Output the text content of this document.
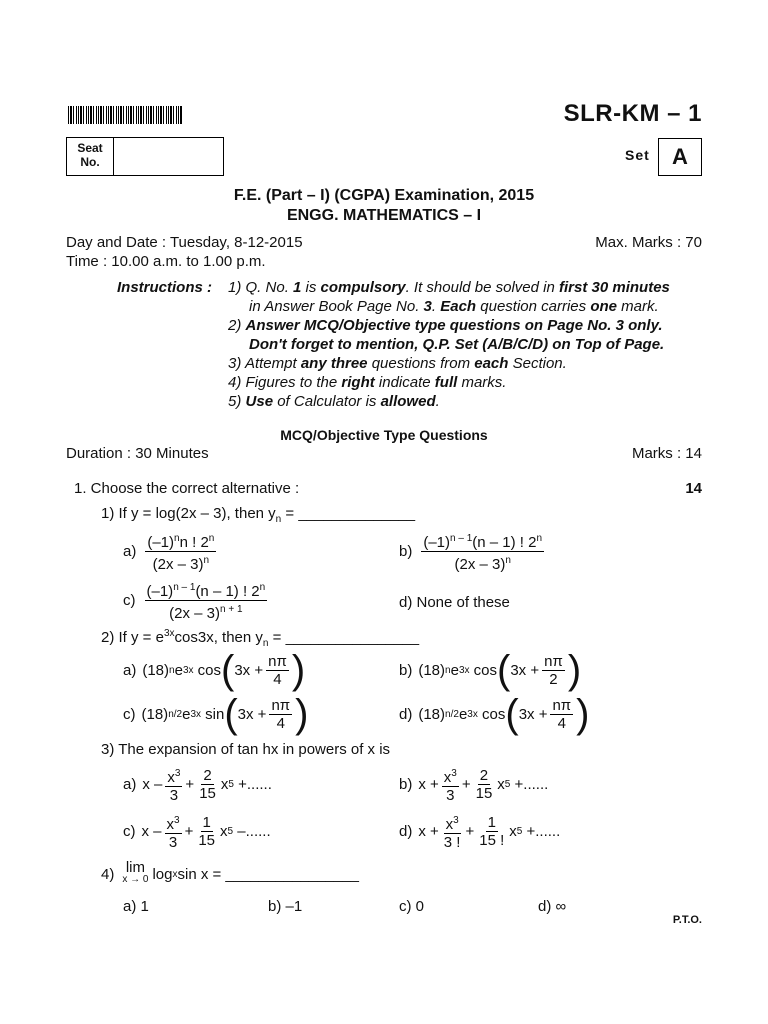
SLR-KM – 1
Seat
No.	Set	A
F.E. (Part – I) (CGPA) Examination, 2015
ENGG. MATHEMATICS – I
Day and Date : Tuesday, 8-12-2015	Max. Marks : 70
Time : 10.00 a.m. to 1.00 p.m.
Instructions : 1) Q. No. 1 is compulsory. It should be solved in first 30 minutes
in Answer Book Page No. 3. Each question carries one mark.
2) Answer MCQ/Objective type questions on Page No. 3 only.
Don't forget to mention, Q.P. Set (A/B/C/D) on Top of Page.
3) Attempt any three questions from each Section.
4) Figures to the right indicate full marks.
5) Use of Calculator is allowed.
MCQ/Objective Type Questions
Duration : 30 Minutes	Marks : 14
1. Choose the correct alternative :	14
1) If y = log(2x – 3), then $y_n$ = ______________
$a) \frac{(-1)^nn ! 2^n}{(2x - 3)^n}$	$b) \frac{(-1)^{n - 1}(n - 1) ! 2^n}{(2x - 3)^n}$
$c) \frac{(-1)^{n - 1}(n - 1) ! 2^n}{(2x - 3)^{n + 1}}$	d) None of these
2) If $y = e^{3x}\cos 3x$, then $y_n$ = ________________
a) (18) n e 3x cos ( $3x + \frac{n\pi}{4}$ )	b) (18) n e 3x cos ( $3x + \frac{n\pi}{2}$ )
c) (18) n/2 e 3x sin ( $3x + \frac{n\pi}{4}$ )	d) (18) n/2 e 3x cos ( $3x + \frac{n\pi}{4}$ )
3) The expansion of tan hx in powers of x is
a) $x - \frac{x^3}{3} + \frac{2}{15}$ x 5 +......	b) $x + \frac{x^3}{3} + \frac{2}{15}$ x 5 +......
c) $x - \frac{x^3}{3} + \frac{1}{15}$ x 5 –......	d) $x + \frac{x^3}{3 !} + \frac{1}{15 !}$ x 5 +......
4) lim
x → 0 log x sin x = ________________
a) 1	b) –1	c) 0	d) ∞
P.T.O.
